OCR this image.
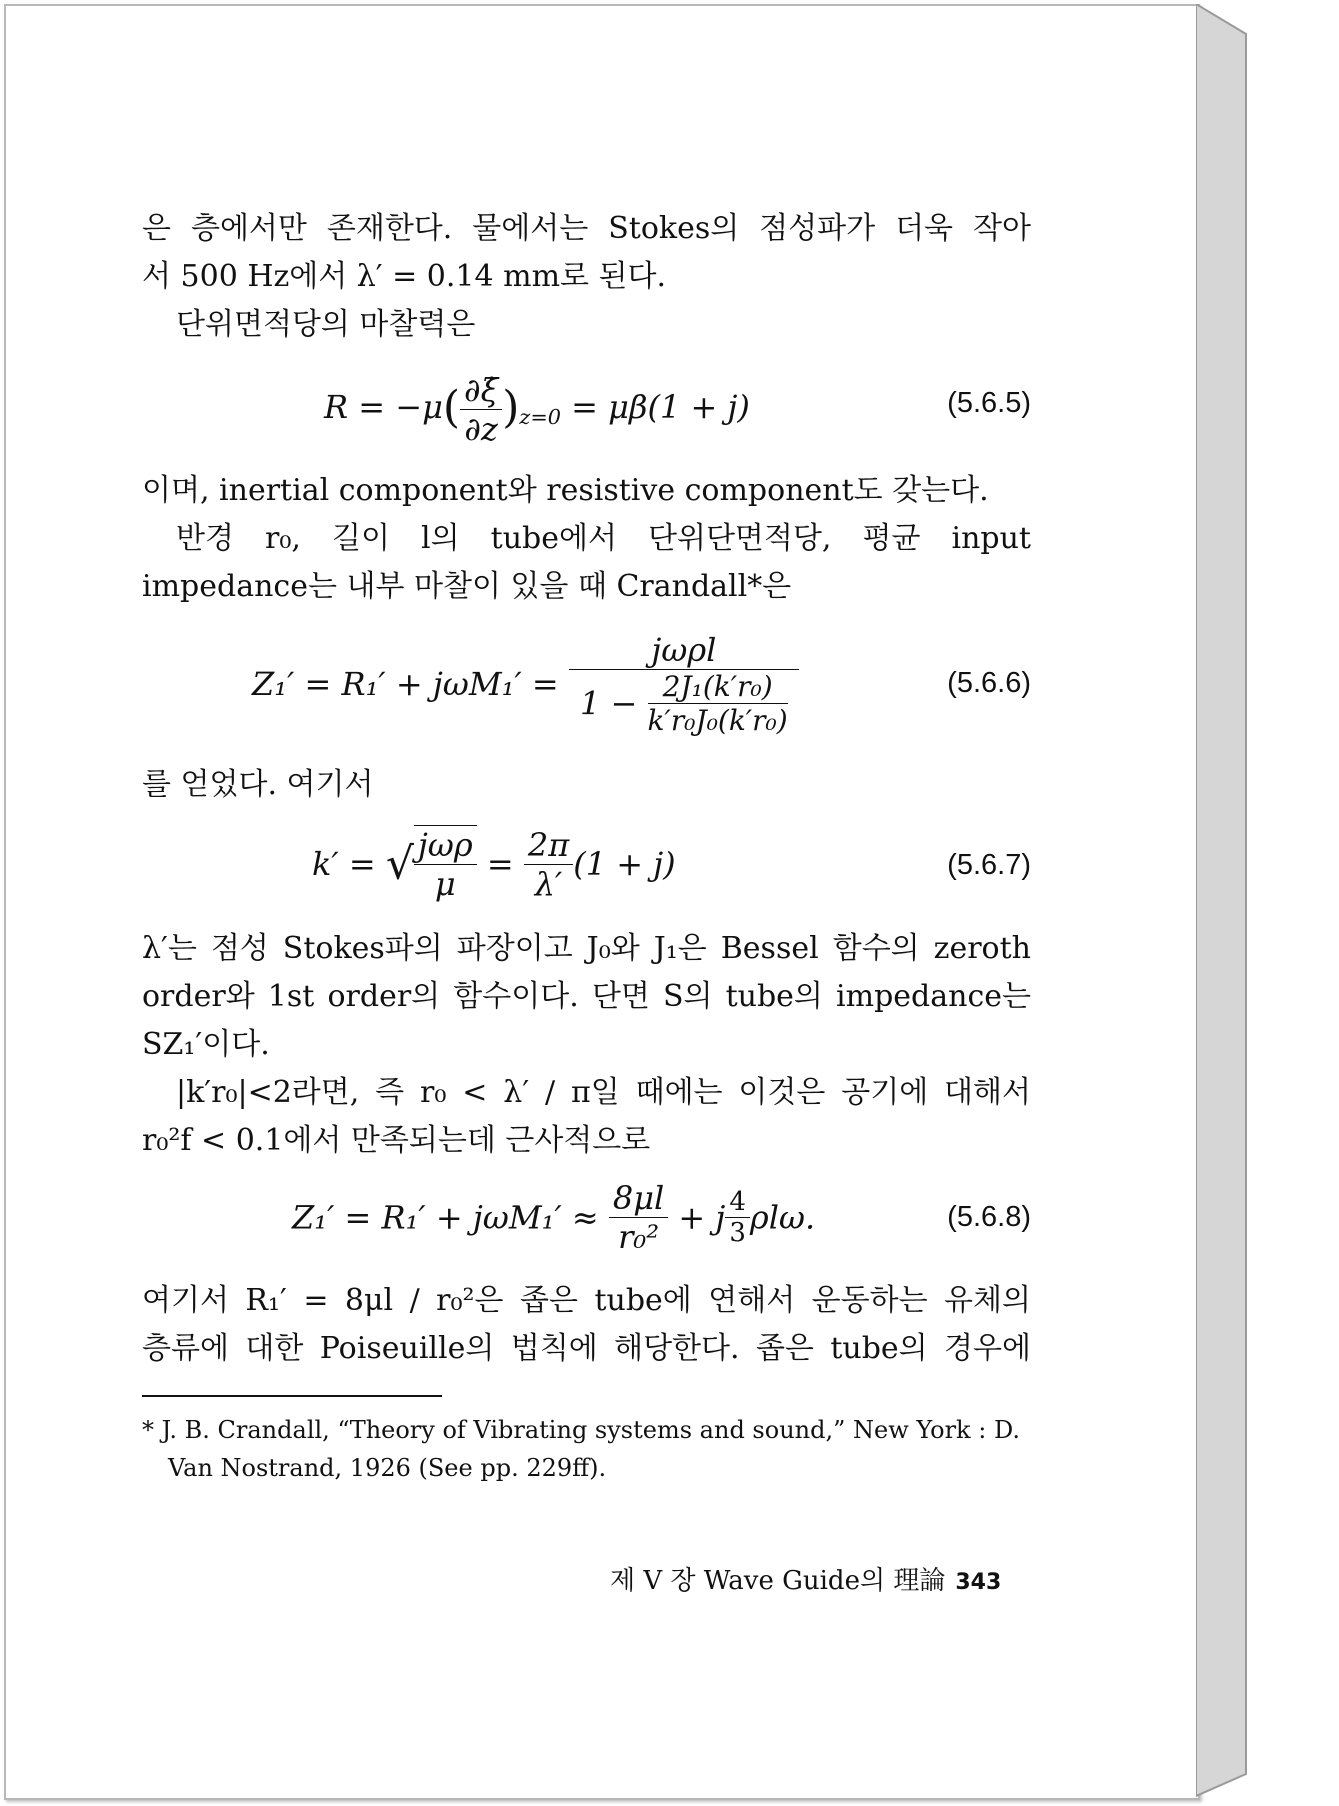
은 층에서만 존재한다. 물에서는 Stokes의 점성파가 더욱 작아

서 500 Hz에서 λ′ = 0.14 mm로 된다.

단위면적당의 마찰력은

$R = -\mu( \frac{\partial\xi̇}{\partial z} )_{z=0} = \mu\beta(1 + j)$	(5.6.5)

이며, inertial component와 resistive component도 갖는다.

반경 r₀, 길이 l의 tube에서 단위단면적당, 평균 input

impedance는 내부 마찰이 있을 때 Crandall*은

Z₁′ = R₁′ + jωM₁′ =
jωρl
$1 - \frac{\text{2J₁(k′r₀)}}{\text{k′r₀J₀(k′r₀)}}$	(5.6.6)

를 얻었다. 여기서

k′ = √ $\frac{\text{jωρ}}{\mu} = \frac{2\pi}{\lambda'} (1 + j)$	(5.6.7)

λ′는 점성 Stokes파의 파장이고 J₀와 J₁은 Bessel 함수의 zeroth

order와 1st order의 함수이다. 단면 S의 tube의 impedance는

SZ₁′이다.

|k′r₀|<2라면, 즉 r₀ < λ′ / π일 때에는 이것은 공기에 대해서

r₀²f < 0.1에서 만족되는데 근사적으로

$Z_1' = R_1' + j\omega M_1' \approx \frac{8\mu l}{\text{r₀²}} + j \frac{4}{3} \rho l\omega$.	(5.6.8)

여기서 R₁′ = 8μl / r₀²은 좁은 tube에 연해서 운동하는 유체의

층류에 대한 Poiseuille의 법칙에 해당한다. 좁은 tube의 경우에

* J. B. Crandall, “Theory of Vibrating systems and sound,” New York : D.
Van Nostrand, 1926 (See pp. 229ff).
제 V 장 Wave Guide의 理論 343
